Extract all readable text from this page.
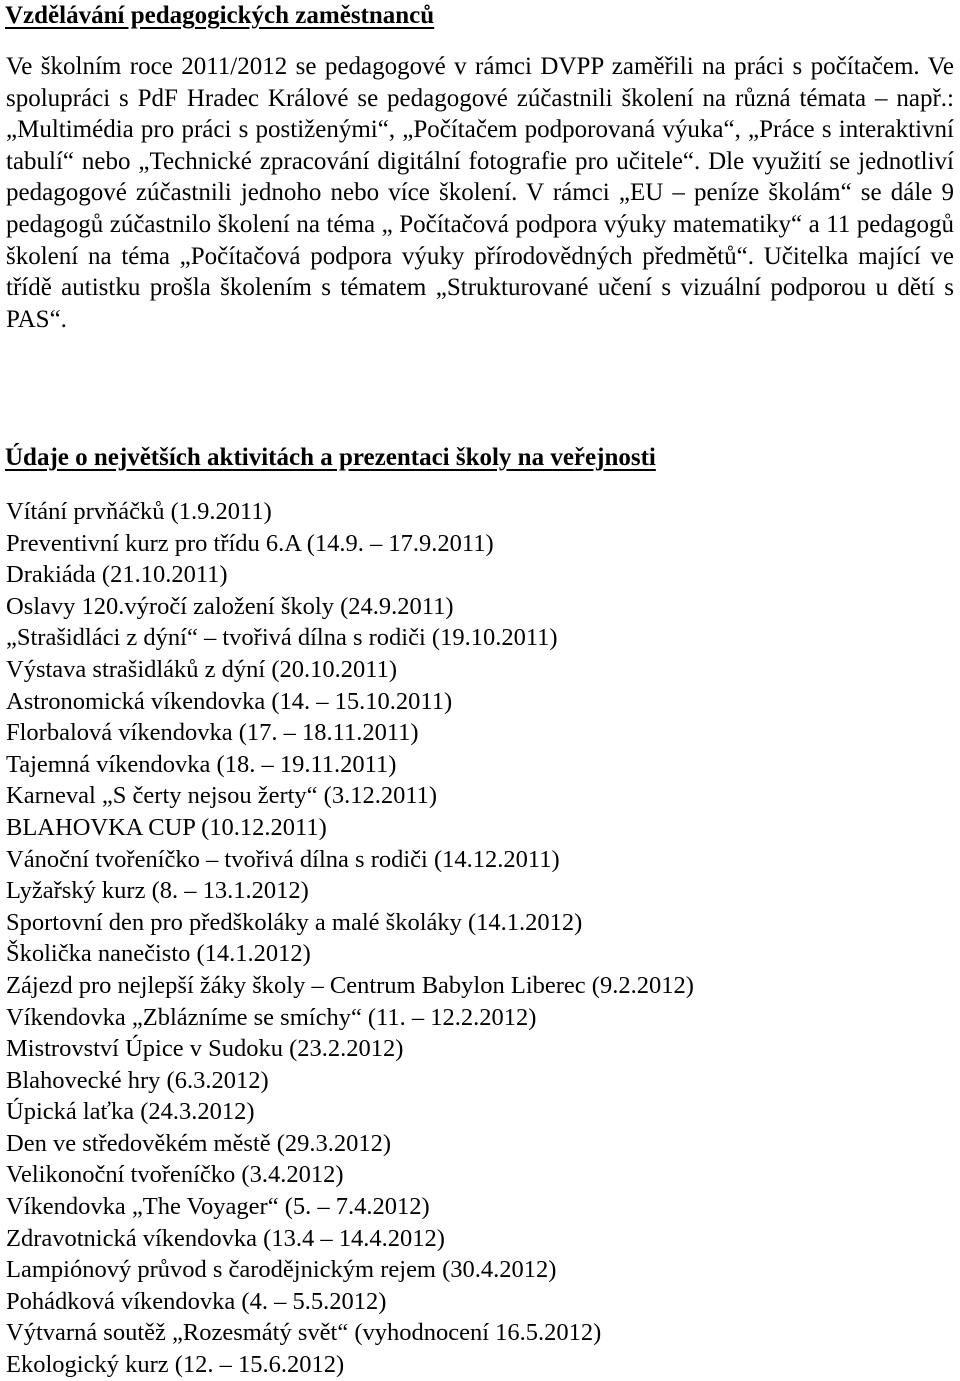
Vzdělávání pedagogických zaměstnanců

Ve školním roce 2011/2012 se pedagogové v rámci DVPP zaměřili na práci s počítačem. Ve spolupráci s PdF Hradec Králové se pedagogové zúčastnili školení na různá témata – např.: „Multimédia pro práci s postiženými“, „Počítačem podporovaná výuka“, „Práce s interaktivní tabulí“ nebo „Technické zpracování digitální fotografie pro učitele“. Dle využití se jednotliví pedagogové zúčastnili jednoho nebo více školení. V rámci „EU – peníze školám“ se dále 9 pedagogů zúčastnilo školení na téma „ Počítačová podpora výuky matematiky“ a 11 pedagogů školení na téma „Počítačová podpora výuky přírodovědných předmětů“. Učitelka mající ve třídě autistku prošla školením s tématem „Strukturované učení s vizuální podporou u dětí s PAS“.

Údaje o největších aktivitách a prezentaci školy na veřejnosti
Vítání prvňáčků (1.9.2011)
Preventivní kurz pro třídu 6.A (14.9. – 17.9.2011)
Drakiáda (21.10.2011)
Oslavy 120.výročí založení školy (24.9.2011)
„Strašidláci z dýní“ – tvořivá dílna s rodiči (19.10.2011)
Výstava strašidláků z dýní (20.10.2011)
Astronomická víkendovka (14. – 15.10.2011)
Florbalová víkendovka (17. – 18.11.2011)
Tajemná víkendovka (18. – 19.11.2011)
Karneval „S čerty nejsou žerty“ (3.12.2011)
BLAHOVKA CUP (10.12.2011)
Vánoční tvořeníčko – tvořivá dílna s rodiči (14.12.2011)
Lyžařský kurz (8. – 13.1.2012)
Sportovní den pro předškoláky a malé školáky (14.1.2012)
Školička nanečisto (14.1.2012)
Zájezd pro nejlepší žáky školy – Centrum Babylon Liberec (9.2.2012)
Víkendovka „Zblázníme se smíchy“ (11. – 12.2.2012)
Mistrovství Úpice v Sudoku (23.2.2012)
Blahovecké hry (6.3.2012)
Úpická laťka (24.3.2012)
Den ve středověkém městě (29.3.2012)
Velikonoční tvořeníčko (3.4.2012)
Víkendovka „The Voyager“ (5. – 7.4.2012)
Zdravotnická víkendovka (13.4 – 14.4.2012)
Lampiónový průvod s čarodějnickým rejem (30.4.2012)
Pohádková víkendovka (4. – 5.5.2012)
Výtvarná soutěž „Rozesmátý svět“ (vyhodnocení 16.5.2012)
Ekologický kurz (12. – 15.6.2012)
